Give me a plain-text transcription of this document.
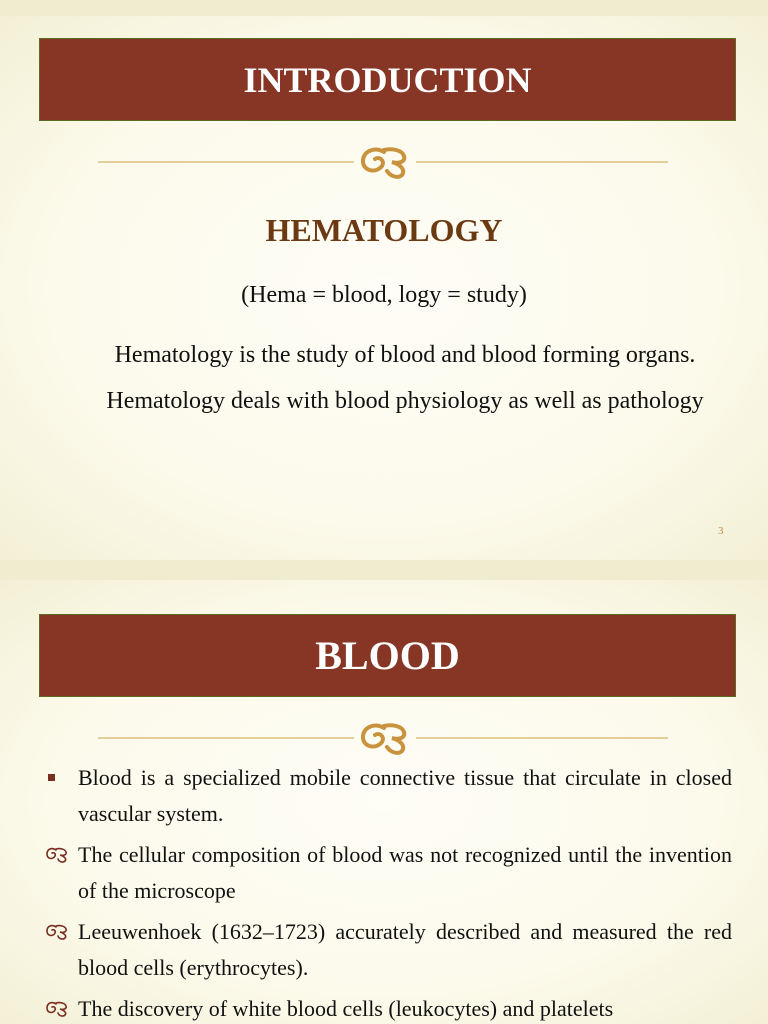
INTRODUCTION
HEMATOLOGY
(Hema = blood, logy = study)
Hematology is the study of blood and blood forming organs. Hematology deals with blood physiology as well as pathology
3
BLOOD
Blood is a specialized mobile connective tissue that circulate in closed vascular system.
The cellular composition of blood was not recognized until the invention of the microscope
Leeuwenhoek (1632–1723) accurately described and measured the red blood cells (erythrocytes).
The discovery of white blood cells (leukocytes) and platelets
